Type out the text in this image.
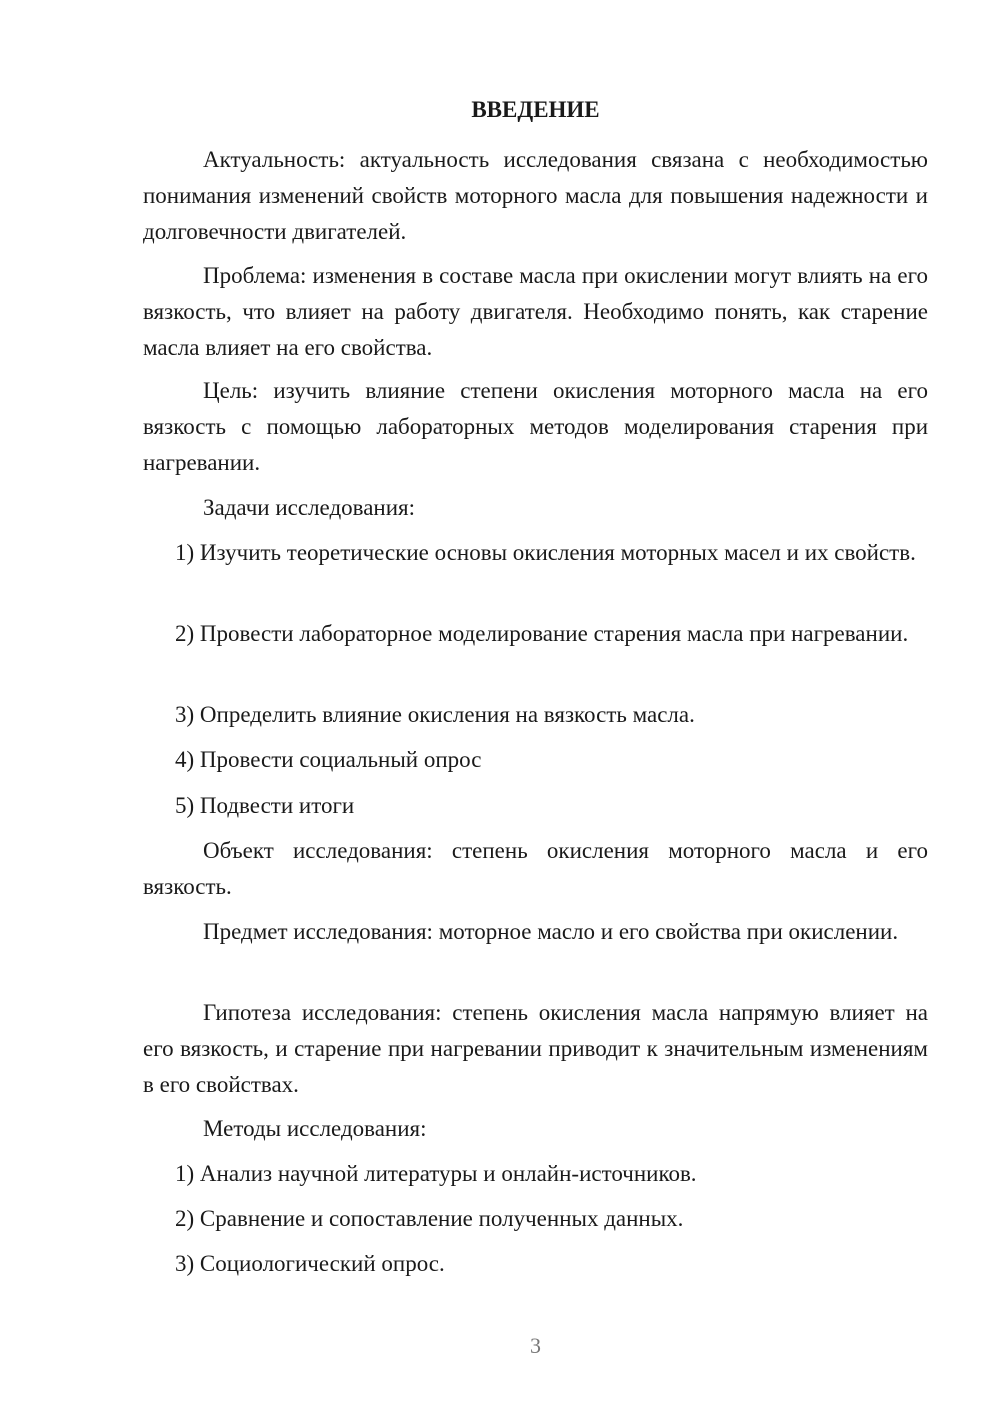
ВВЕДЕНИЕ

Актуальность: актуальность исследования связана с необходимостью понимания изменений свойств моторного масла для повышения надежности и долговечности двигателей.

Проблема: изменения в составе масла при окислении могут влиять на его вязкость, что влияет на работу двигателя. Необходимо понять, как старение масла влияет на его свойства.

Цель: изучить влияние степени окисления моторного масла на его вязкость с помощью лабораторных методов моделирования старения при нагревании.

Задачи исследования:

1) Изучить теоретические основы окисления моторных масел и их свойств.

2) Провести лабораторное моделирование старения масла при нагревании.

3) Определить влияние окисления на вязкость масла.

4) Провести социальный опрос

5) Подвести итоги

Объект исследования: степень окисления моторного масла и его вязкость.

Предмет исследования: моторное масло и его свойства при окислении.

Гипотеза исследования: степень окисления масла напрямую влияет на его вязкость, и старение при нагревании приводит к значительным изменениям в его свойствах.

Методы исследования:

1) Анализ научной литературы и онлайн-источников.

2) Сравнение и сопоставление полученных данных.

3) Социологический опрос.

3
